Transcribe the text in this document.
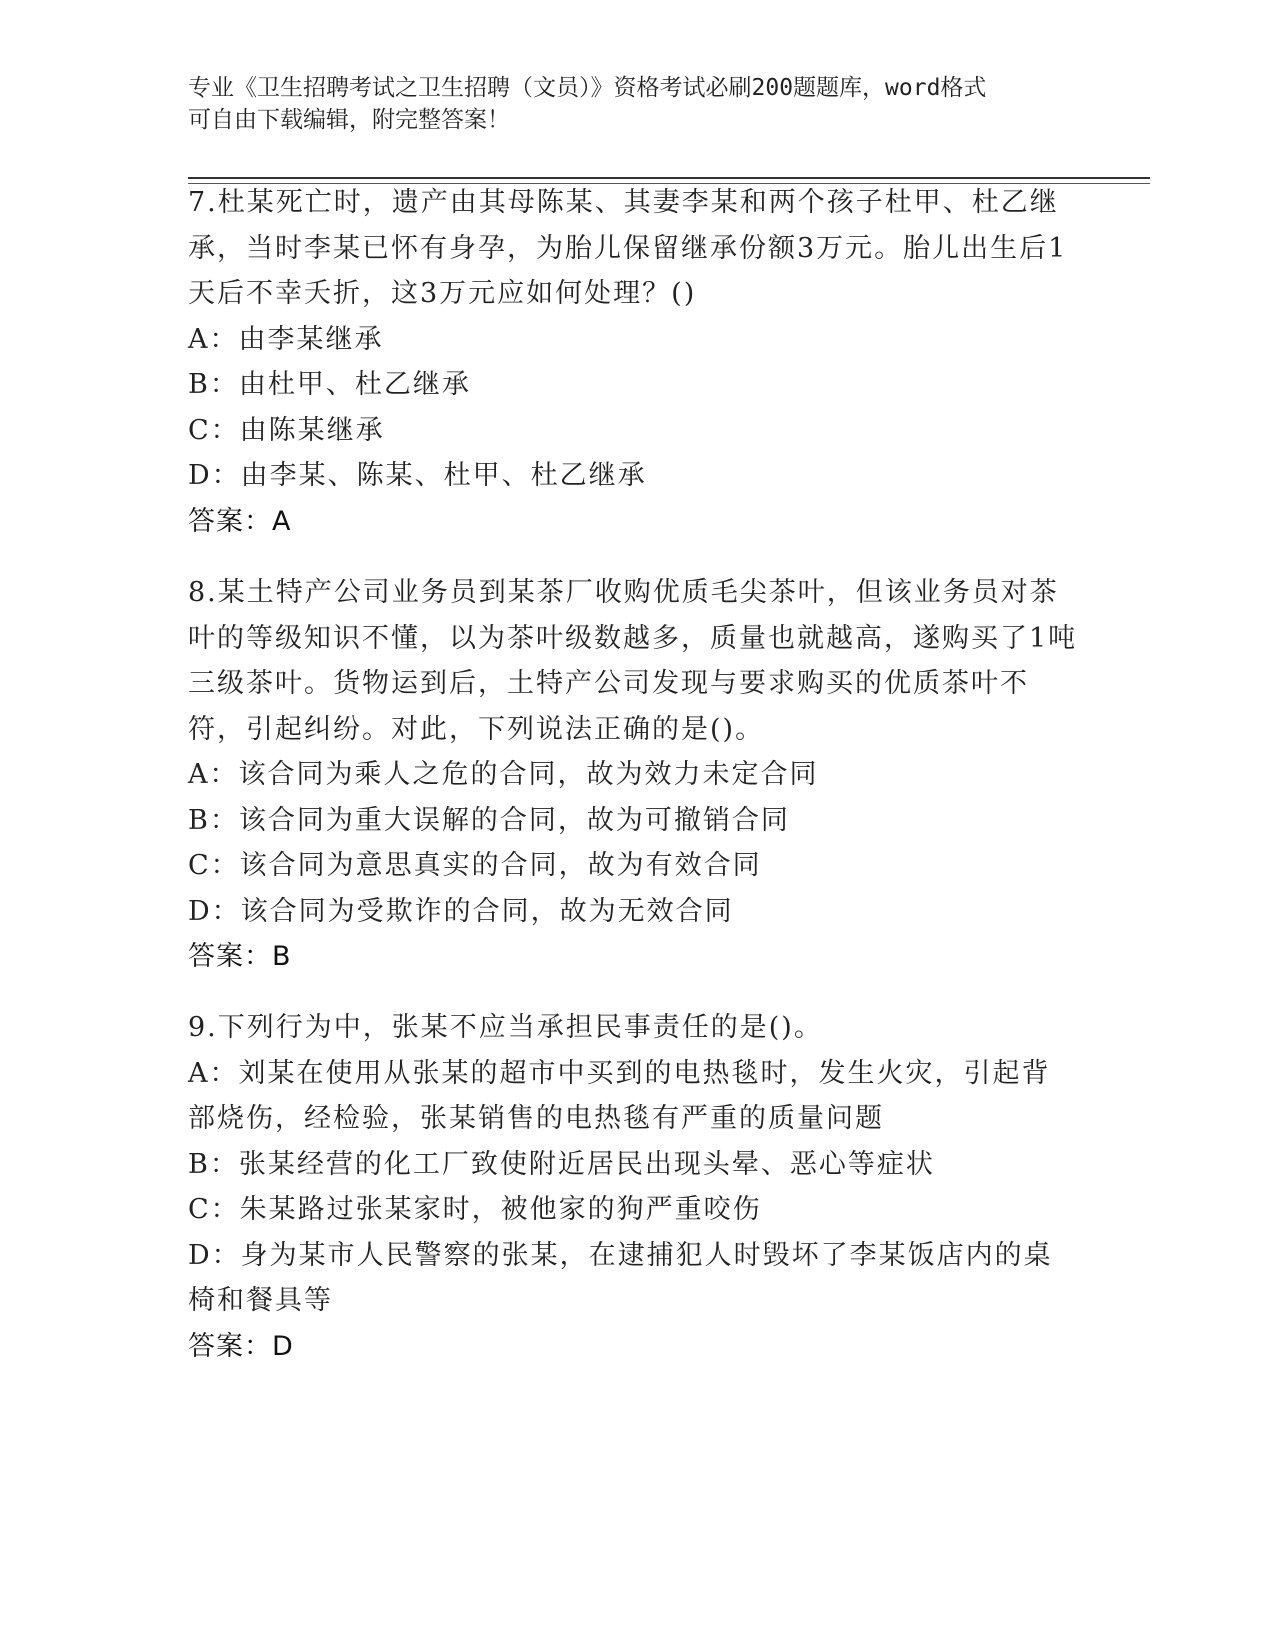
专业《卫生招聘考试之卫生招聘（文员）》资格考试必刷200题题库，word格式
可自由下载编辑，附完整答案！

7.杜某死亡时，遗产由其母陈某、其妻李某和两个孩子杜甲、杜乙继承，当时李某已怀有身孕，为胎儿保留继承份额3万元。胎儿出生后1天后不幸夭折，这3万元应如何处理？()

A：由李某继承

B：由杜甲、杜乙继承

C：由陈某继承

D：由李某、陈某、杜甲、杜乙继承

答案：A

8.某土特产公司业务员到某茶厂收购优质毛尖茶叶，但该业务员对茶叶的等级知识不懂，以为茶叶级数越多，质量也就越高，遂购买了1吨三级茶叶。货物运到后，土特产公司发现与要求购买的优质茶叶不符，引起纠纷。对此，下列说法正确的是()。

A：该合同为乘人之危的合同，故为效力未定合同

B：该合同为重大误解的合同，故为可撤销合同

C：该合同为意思真实的合同，故为有效合同

D：该合同为受欺诈的合同，故为无效合同

答案：B

9.下列行为中，张某不应当承担民事责任的是()。

A：刘某在使用从张某的超市中买到的电热毯时，发生火灾，引起背部烧伤，经检验，张某销售的电热毯有严重的质量问题

B：张某经营的化工厂致使附近居民出现头晕、恶心等症状

C：朱某路过张某家时，被他家的狗严重咬伤

D：身为某市人民警察的张某，在逮捕犯人时毁坏了李某饭店内的桌椅和餐具等

答案：D
